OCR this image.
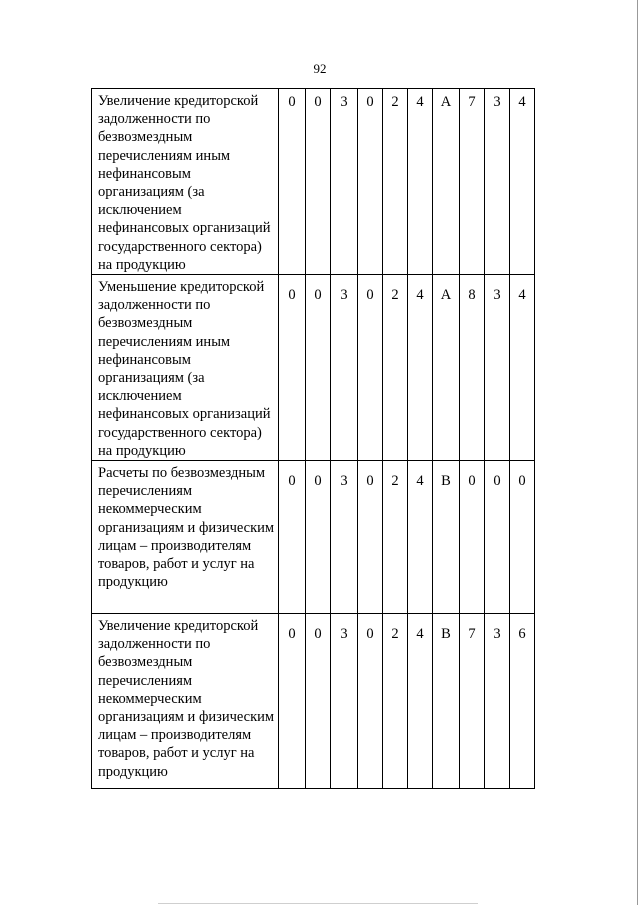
92
Увеличение кредиторской задолженности по безвозмездным перечислениям иным нефинансовым организациям (за исключением нефинансовых организаций государственного сектора) на продукцию	0	0	3	0	2	4	А	7	3	4
Уменьшение кредиторской задолженности по безвозмездным перечислениям иным нефинансовым организациям (за исключением нефинансовых организаций государственного сектора) на продукцию	0	0	3	0	2	4	А	8	3	4
Расчеты по безвозмездным перечислениям некоммерческим организациям и физическим лицам – производителям товаров, работ и услуг на продукцию	0	0	3	0	2	4	В	0	0	0
Увеличение кредиторской задолженности по безвозмездным перечислениям некоммерческим организациям и физическим лицам – производителям товаров, работ и услуг на продукцию	0	0	3	0	2	4	В	7	3	6
